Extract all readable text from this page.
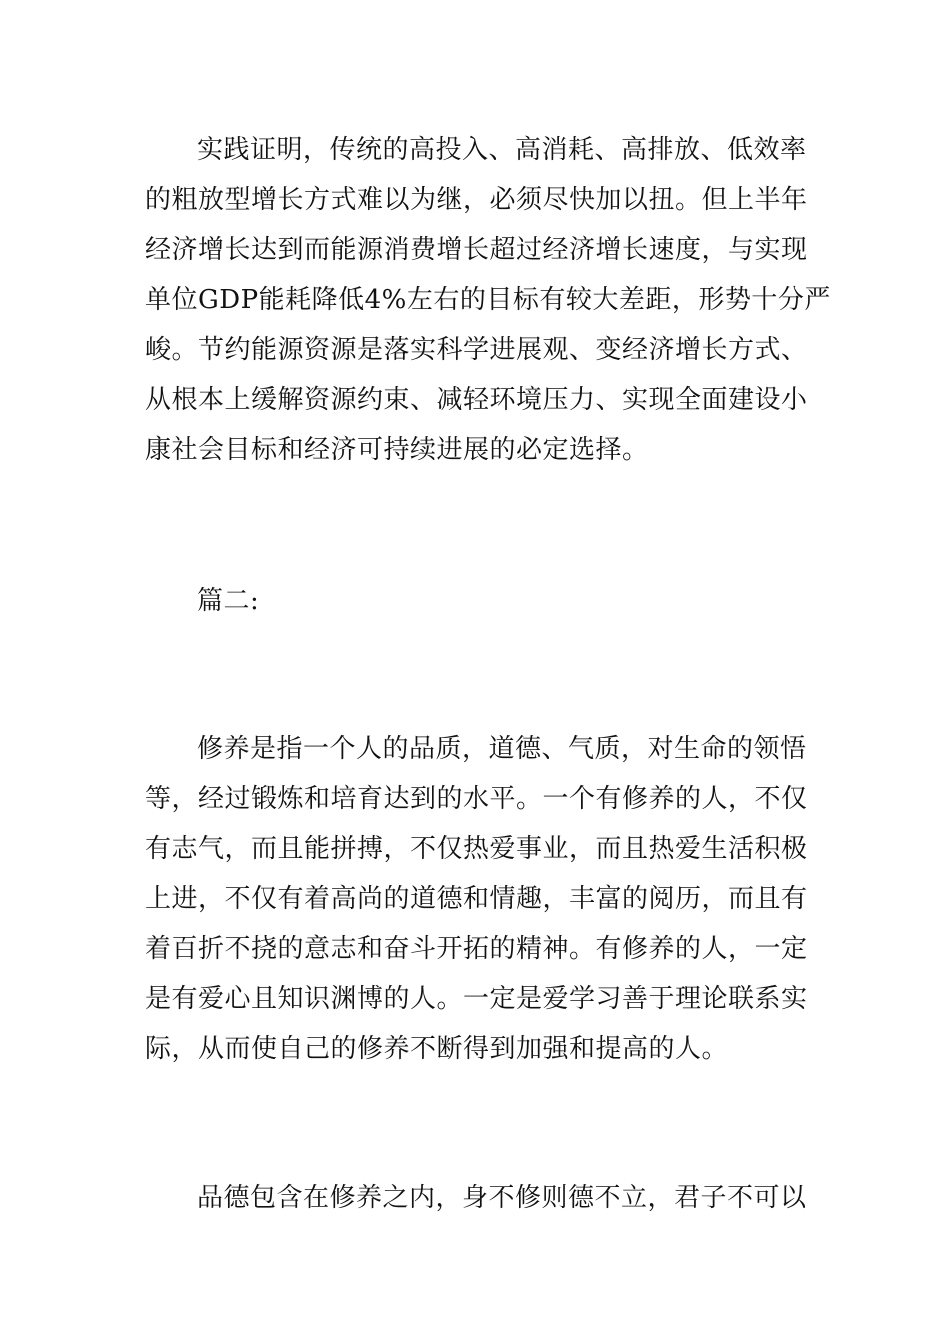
实践证明，传统的高投入、高消耗、高排放、低效率

的粗放型增长方式难以为继，必须尽快加以扭。但上半年

经济增长达到而能源消费增长超过经济增长速度，与实现

单位GDP能耗降低4%左右的目标有较大差距，形势十分严

峻。节约能源资源是落实科学进展观、变经济增长方式、

从根本上缓解资源约束、减轻环境压力、实现全面建设小

康社会目标和经济可持续进展的必定选择。

篇二:

修养是指一个人的品质，道德、气质，对生命的领悟

等，经过锻炼和培育达到的水平。一个有修养的人，不仅

有志气，而且能拼搏，不仅热爱事业，而且热爱生活积极

上进，不仅有着高尚的道德和情趣，丰富的阅历，而且有

着百折不挠的意志和奋斗开拓的精神。有修养的人，一定

是有爱心且知识渊博的人。一定是爱学习善于理论联系实

际，从而使自己的修养不断得到加强和提高的人。

品德包含在修养之内，身不修则德不立，君子不可以
